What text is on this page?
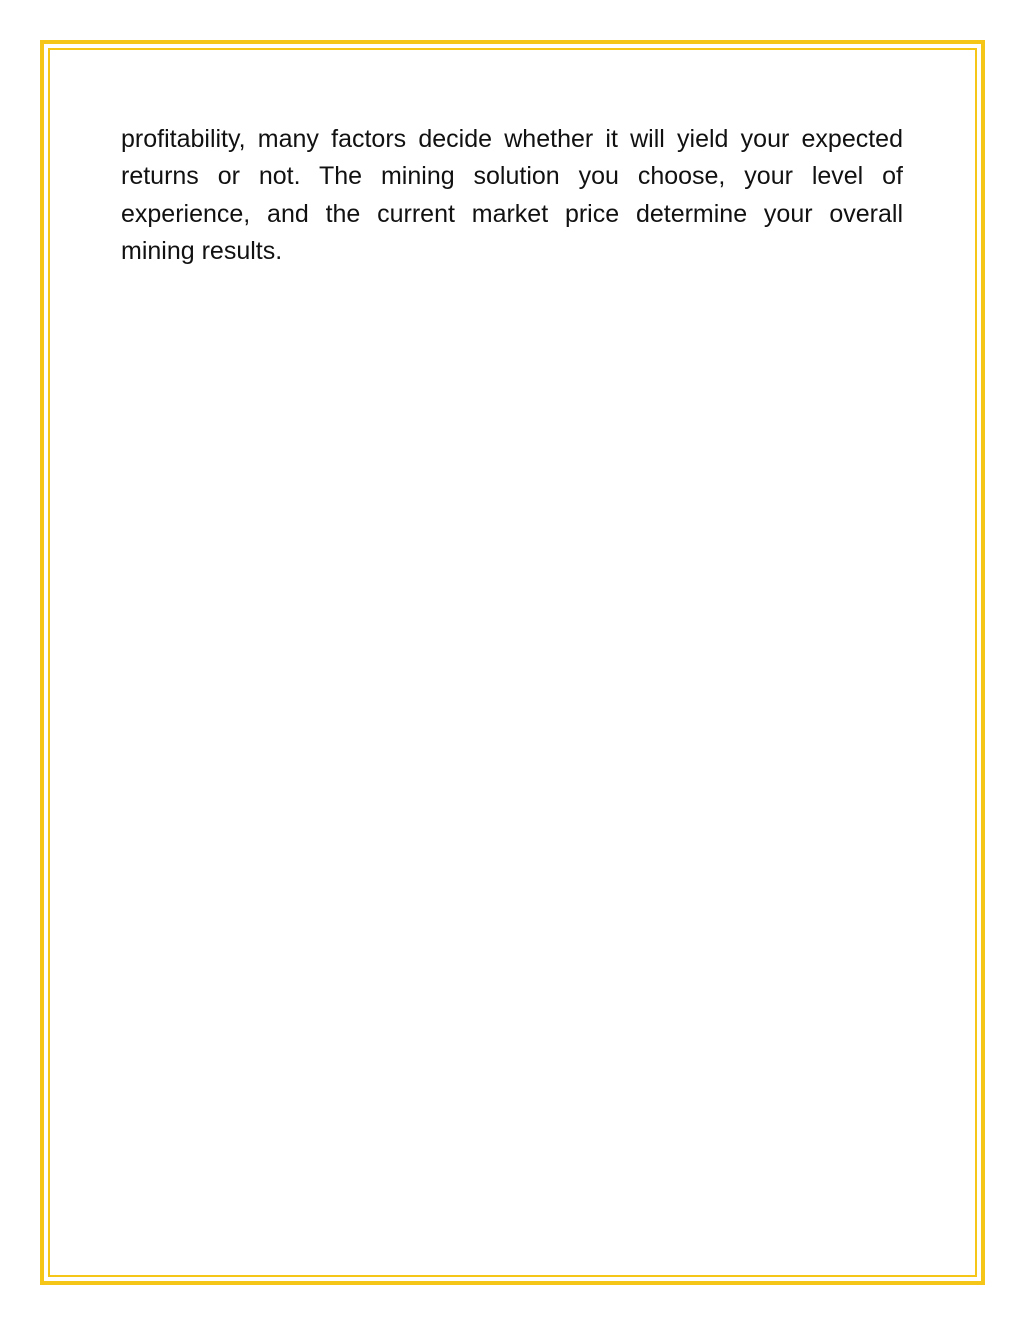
profitability, many factors decide whether it will yield your expected returns or not. The mining solution you choose, your level of experience, and the current market price determine your overall mining results.
